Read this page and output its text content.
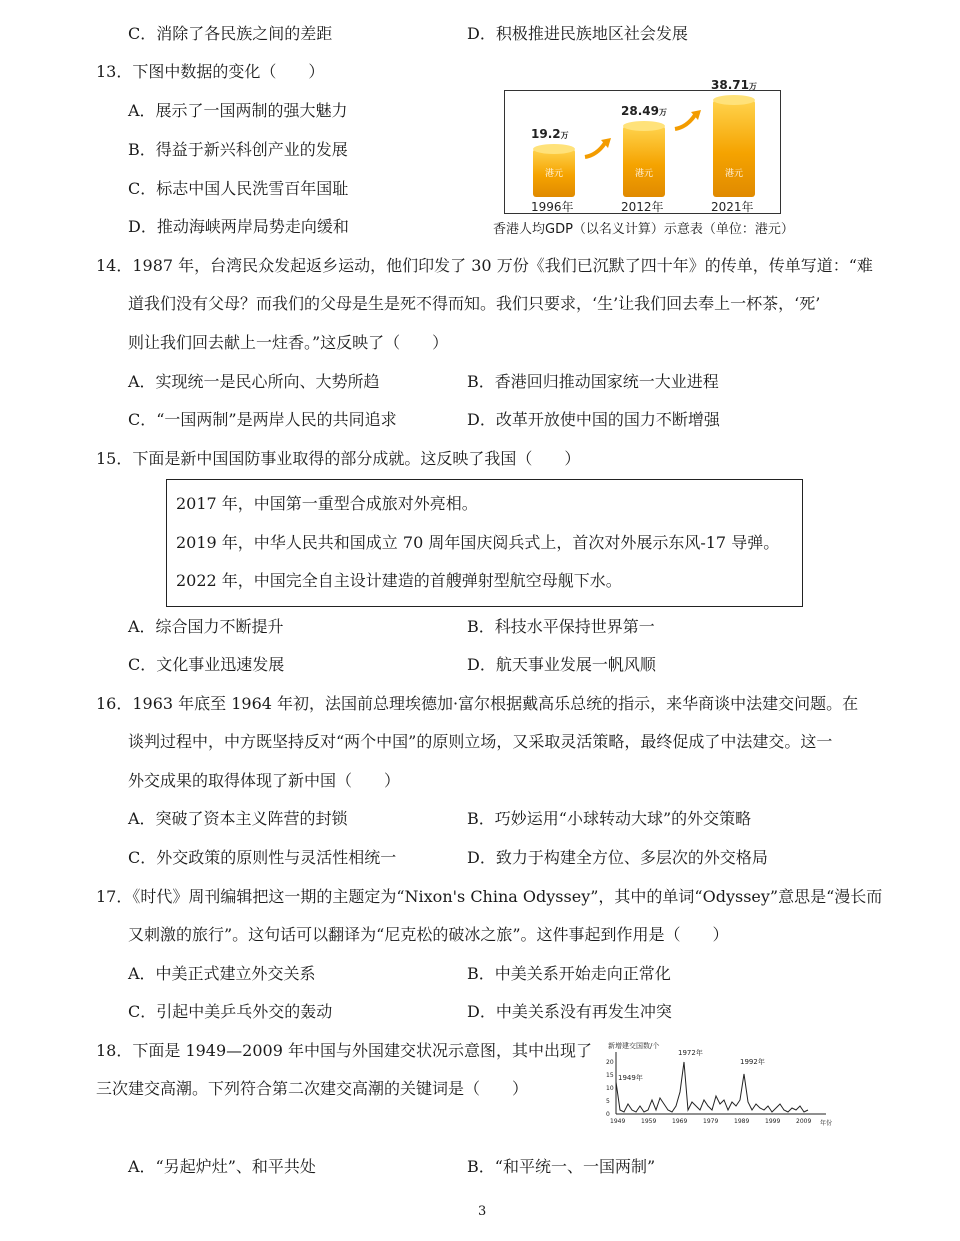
C．消除了各民族之间的差距	D．积极推进民族地区社会发展
13．下图中数据的变化（　　）
A．展示了一国两制的强大魅力
B．得益于新兴科创产业的发展
C．标志中国人民洗雪百年国耻
D．推动海峡两岸局势走向缓和
港元
19.2万
1996年
港元
28.49万
2012年
港元
38.71万
2021年
香港人均GDP（以名义计算）示意表（单位：港元）
14．1987 年，台湾民众发起返乡运动，他们印发了 30 万份《我们已沉默了四十年》的传单，传单写道：“难
道我们没有父母？而我们的父母是生是死不得而知。我们只要求，‘生’让我们回去奉上一杯茶，‘死’
则让我们回去献上一炷香。”这反映了（　　）
A．实现统一是民心所向、大势所趋	B．香港回归推动国家统一大业进程
C．“一国两制”是两岸人民的共同追求	D．改革开放使中国的国力不断增强
15．下面是新中国国防事业取得的部分成就。这反映了我国（　　）
2017 年，中国第一重型合成旅对外亮相。
2019 年，中华人民共和国成立 70 周年国庆阅兵式上，首次对外展示东风-17 导弹。
2022 年，中国完全自主设计建造的首艘弹射型航空母舰下水。
A．综合国力不断提升	B．科技水平保持世界第一
C．文化事业迅速发展	D．航天事业发展一帆风顺
16．1963 年底至 1964 年初，法国前总理埃德加·富尔根据戴高乐总统的指示，来华商谈中法建交问题。在
谈判过程中，中方既坚持反对“两个中国”的原则立场，又采取灵活策略，最终促成了中法建交。这一
外交成果的取得体现了新中国（　　）
A．突破了资本主义阵营的封锁	B．巧妙运用“小球转动大球”的外交策略
C．外交政策的原则性与灵活性相统一	D．致力于构建全方位、多层次的外交格局
17．《时代》周刊编辑把这一期的主题定为“Nixon's China Odyssey”，其中的单词“Odyssey”意思是“漫长而
又刺激的旅行”。这句话可以翻译为“尼克松的破冰之旅”。这件事起到作用是（　　）
A．中美正式建立外交关系	B．中美关系开始走向正常化
C．引起中美乒乓外交的轰动	D．中美关系没有再发生冲突
18．下面是 1949—2009 年中国与外国建交状况示意图，其中出现了
三次建交高潮。下列符合第二次建交高潮的关键词是（　　）
新增建交国数/个
0
5
10
15
20
1949	1959	1969	1979	1989	1999	2009
1949年
1972年
1992年
年份
A．“另起炉灶”、和平共处	B．“和平统一、一国两制”
3
